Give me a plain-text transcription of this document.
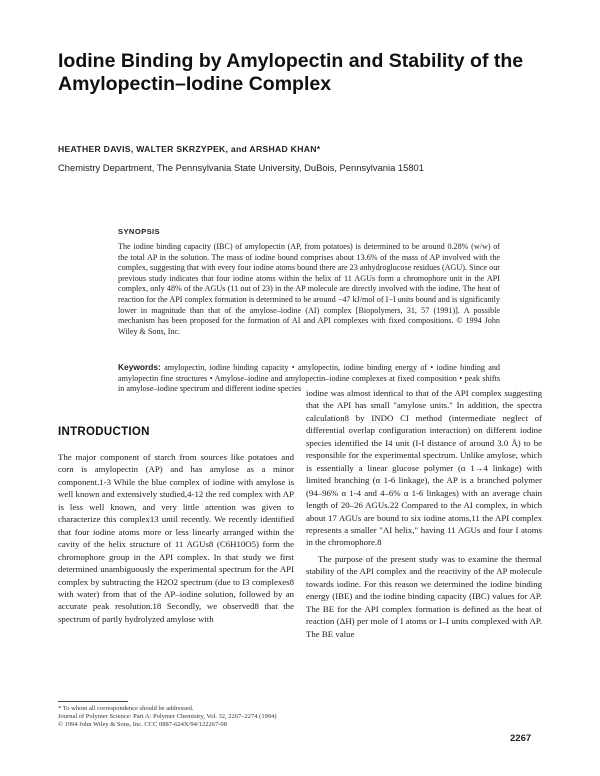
Iodine Binding by Amylopectin and Stability of the Amylopectin–Iodine Complex
HEATHER DAVIS, WALTER SKRZYPEK, and ARSHAD KHAN*
Chemistry Department, The Pennsylvania State University, DuBois, Pennsylvania 15801
SYNOPSIS
The iodine binding capacity (IBC) of amylopectin (AP, from potatoes) is determined to be around 0.28% (w/w) of the total AP in the solution. The mass of iodine bound comprises about 13.6% of the mass of AP involved with the complex, suggesting that with every four iodine atoms bound there are 23 anhydroglucose residues (AGU). Since our previous study indicates that four iodine atoms within the helix of 11 AGUs form a chromophore unit in the API complex, only 48% of the AGUs (11 out of 23) in the AP molecule are directly involved with the iodine. The heat of reaction for the API complex formation is determined to be around −47 kJ/mol of I−I units bound and is significantly lower in magnitude than that of the amylose–iodine (AI) complex [Biopolymers, 31, 57 (1991)]. A possible mechanism has been proposed for the formation of AI and API complexes with fixed compositions. © 1994 John Wiley & Sons, Inc.
Keywords: amylopectin, iodine binding capacity • amylopectin, iodine binding energy of • iodine binding and amylopectin fine structures • Amylose–iodine and amylopectin–iodine complexes at fixed composition • peak shifts in amylose–iodine spectrum and different iodine species
INTRODUCTION

The major component of starch from sources like potatoes and corn is amylopectin (AP) and has amylose as a minor component.1-3 While the blue complex of iodine with amylose is well known and extensively studied,4-12 the red complex with AP is less well known, and very little attention was given to characterize this complex13 until recently. We recently identified that four iodine atoms more or less linearly arranged within the cavity of the helix structure of 11 AGUs8 (C6H10O5) form the chromophore group in the API complex. In that study we first determined unambiguously the experimental spectrum for the API complex by subtracting the H2O2 spectrum (due to I3 complexes8 with water) from that of the AP–iodine solution, followed by an accurate peak resolution.18 Secondly, we observed8 that the spectrum of partly hydrolyzed amylose with

iodine was almost identical to that of the API complex suggesting that the API has small "amylose units." In addition, the spectra calculation8 by INDO CI method (intermediate neglect of differential overlap configuration interaction) on different iodine species identified the I4 unit (I-I distance of around 3.0 Å) to be responsible for the experimental spectrum. Unlike amylose, which is essentially a linear glucose polymer (α 1→4 linkage) with limited branching (α 1-6 linkage), the AP is a branched polymer (94–96% α 1-4 and 4–6% α 1-6 linkages) with an average chain length of 20–26 AGUs.22 Compared to the AI complex, in which about 17 AGUs are bound to six iodine atoms,11 the API complex represents a smaller "AI helix," having 11 AGUs and four I atoms in the chromophore.8

The purpose of the present study was to examine the thermal stability of the API complex and the reactivity of the AP molecule towards iodine. For this reason we determined the iodine binding energy (IBE) and the iodine binding capacity (IBC) values for AP. The BE for the API complex formation is defined as the heat of reaction (ΔH) per mole of I atoms or I–I units complexed with AP. The BE value

* To whom all correspondence should be addressed.
Journal of Polymer Science: Part A: Polymer Chemistry, Vol. 32, 2267–2274 (1994)
© 1994 John Wiley & Sons, Inc. CCC 0887-624X/94/122267-08
2267
